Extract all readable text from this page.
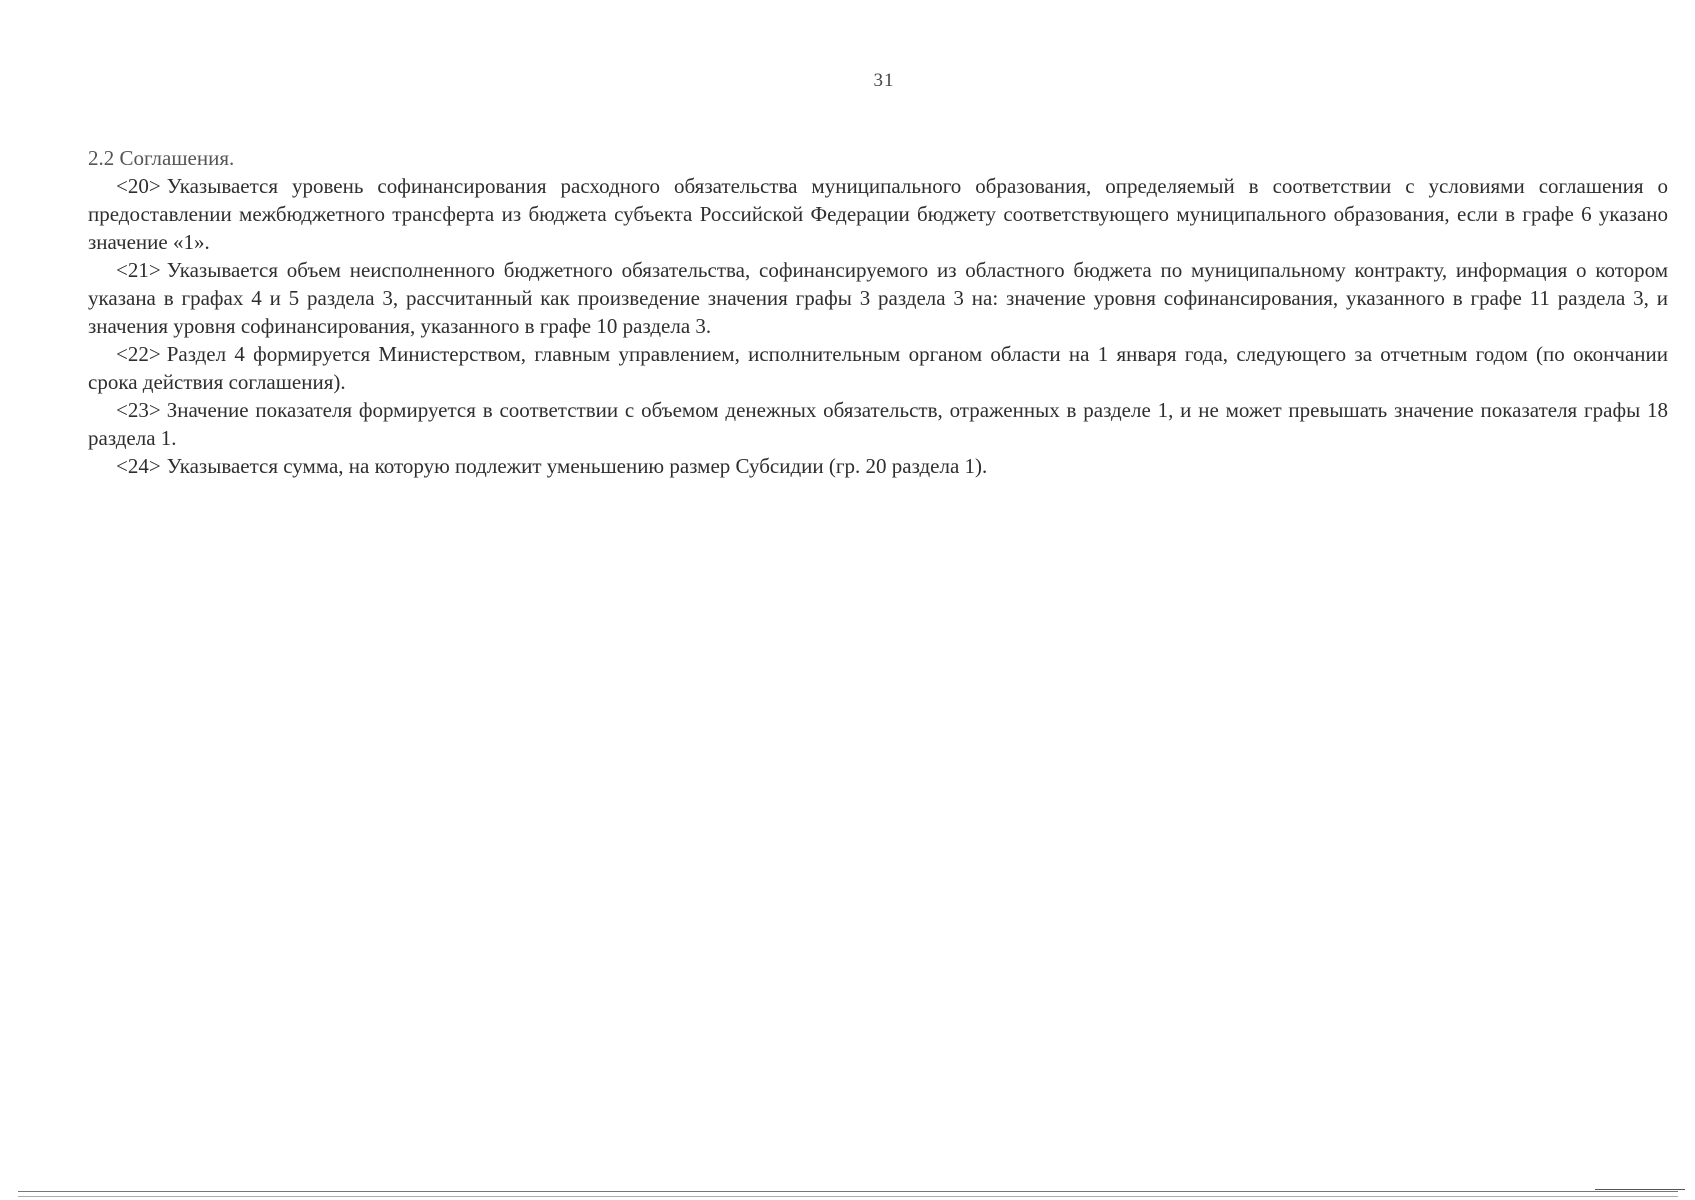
31

2.2 Соглашения.

<20> Указывается уровень софинансирования расходного обязательства муниципального образования, определяемый в соответствии с условиями соглашения о предоставлении межбюджетного трансферта из бюджета субъекта Российской Федерации бюджету соответствующего муниципального образования, если в графе 6 указано значение «1».

<21> Указывается объем неисполненного бюджетного обязательства, софинансируемого из областного бюджета по муниципальному контракту, информация о котором указана в графах 4 и 5 раздела 3, рассчитанный как произведение значения графы 3 раздела 3 на: значение уровня софинансирования, указанного в графе 11 раздела 3, и значения уровня софинансирования, указанного в графе 10 раздела 3.

<22> Раздел 4 формируется Министерством, главным управлением, исполнительным органом области на 1 января года, следующего за отчетным годом (по окончании срока действия соглашения).

<23> Значение показателя формируется в соответствии с объемом денежных обязательств, отраженных в разделе 1, и не может превышать значение показателя графы 18 раздела 1.

<24> Указывается сумма, на которую подлежит уменьшению размер Субсидии (гр. 20 раздела 1).
